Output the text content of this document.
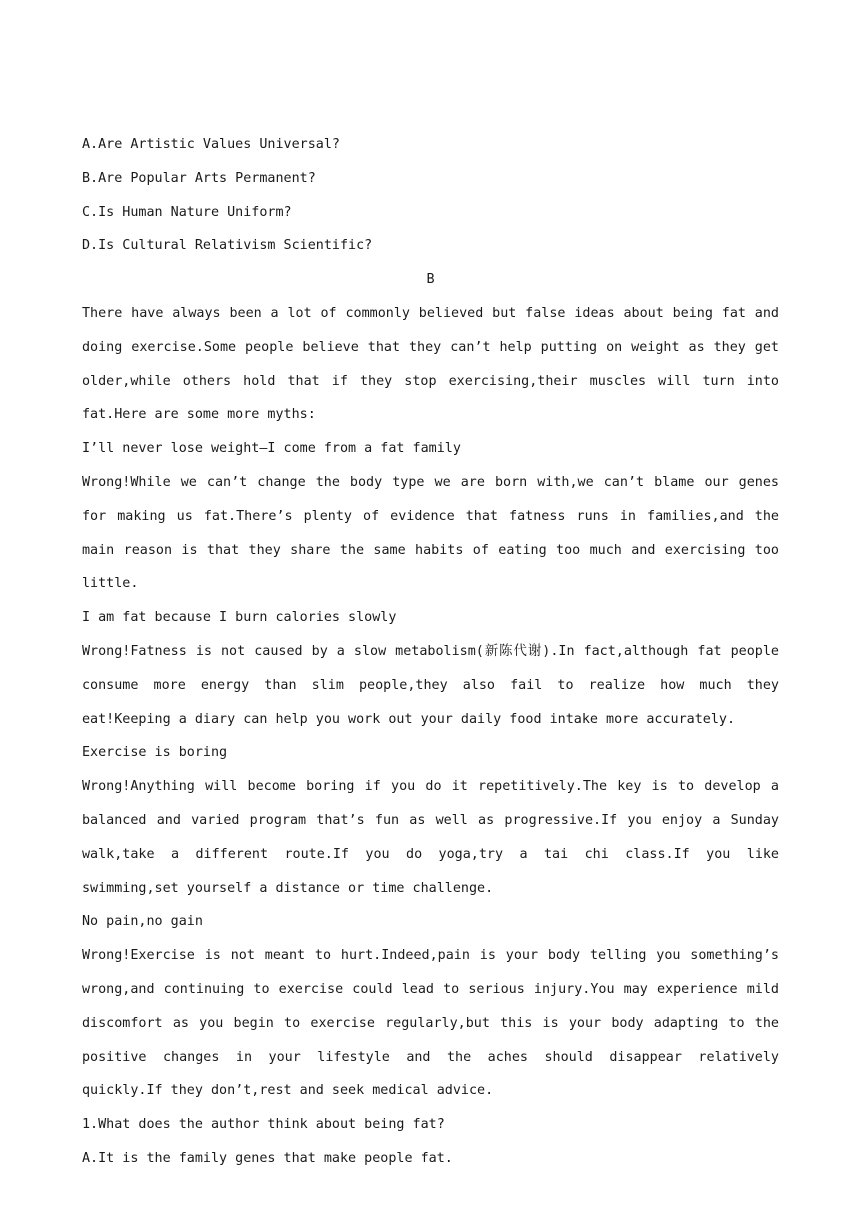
A.Are Artistic Values Universal?

B.Are Popular Arts Permanent?

C.Is Human Nature Uniform?

D.Is Cultural Relativism Scientific?

B

There have always been a lot of commonly believed but false ideas about being fat and doing exercise.Some people believe that they can’t help putting on weight as they get older,while others hold that if they stop exercising,their muscles will turn into fat.Here are some more myths:

I’ll never lose weight—I come from a fat family

Wrong!While we can’t change the body type we are born with,we can’t blame our genes for making us fat.There’s plenty of evidence that fatness runs in families,and the main reason is that they share the same habits of eating too much and exercising too little.

I am fat because I burn calories slowly

Wrong!Fatness is not caused by a slow metabolism(新陈代谢).In fact,although fat people consume more energy than slim people,they also fail to realize how much they eat!Keeping a diary can help you work out your daily food intake more accurately.

Exercise is boring

Wrong!Anything will become boring if you do it repetitively.The key is to develop a balanced and varied program that’s fun as well as progressive.If you enjoy a Sunday walk,take a different route.If you do yoga,try a tai chi class.If you like swimming,set yourself a distance or time challenge.

No pain,no gain

Wrong!Exercise is not meant to hurt.Indeed,pain is your body telling you something’s wrong,and continuing to exercise could lead to serious injury.You may experience mild discomfort as you begin to exercise regularly,but this is your body adapting to the positive changes in your lifestyle and the aches should disappear relatively quickly.If they don’t,rest and seek medical advice.

1.What does the author think about being fat?

A.It is the family genes that make people fat.
